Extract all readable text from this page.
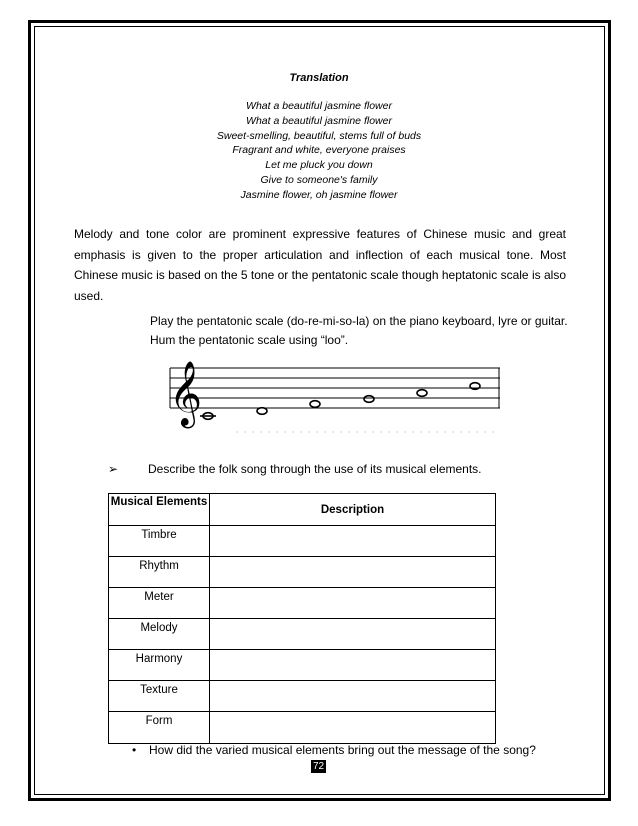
Translation
What a beautiful jasmine flower
What a beautiful jasmine flower
Sweet-smelling, beautiful, stems full of buds
Fragrant and white, everyone praises
Let me pluck you down
Give to someone's family
Jasmine flower, oh jasmine flower
Melody and tone color are prominent expressive features of Chinese music and great emphasis is given to the proper articulation and inflection of each musical tone. Most Chinese music is based on the 5 tone or the pentatonic scale though heptatonic scale is also used.
Play the pentatonic scale (do-re-mi-so-la) on the piano keyboard, lyre or guitar. Hum the pentatonic scale using “loo”.
𝄞
➢ Describe the folk song through the use of its musical elements.
Musical Elements	Description
Timbre	
Rhythm	
Meter	
Melody	
Harmony	
Texture	
Form	
• How did the varied musical elements bring out the message of the song?
72
